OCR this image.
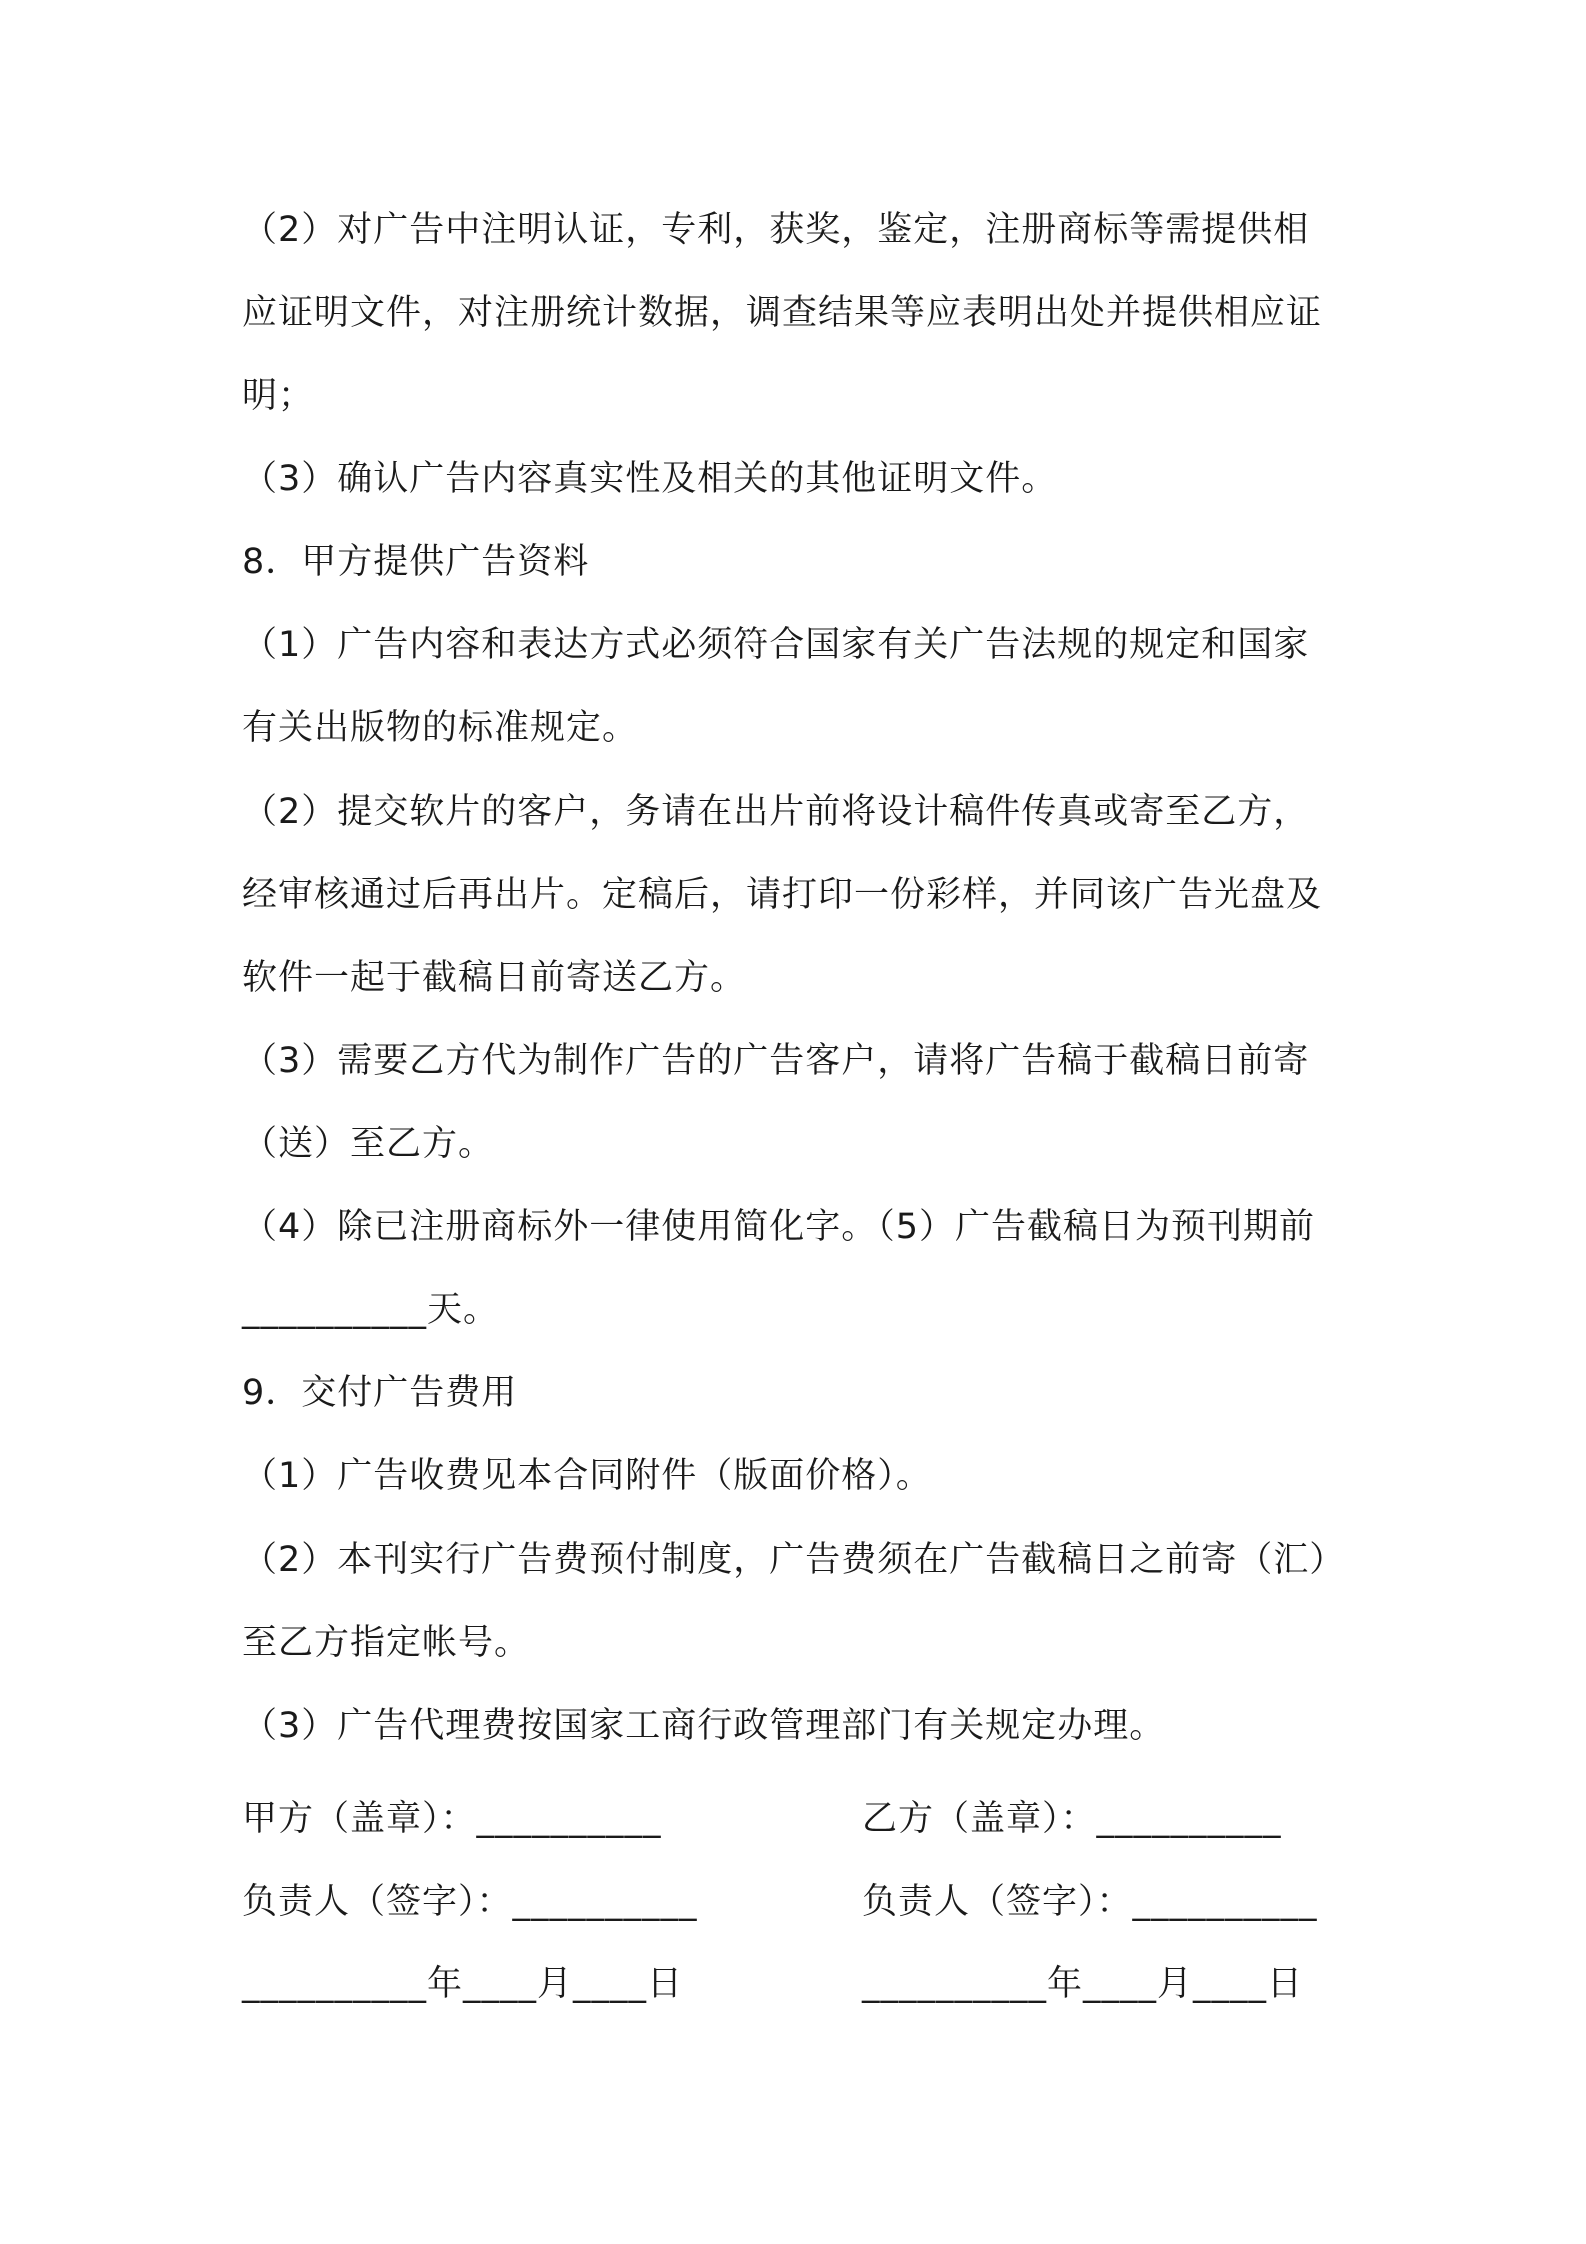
（2）对广告中注明认证，专利，获奖，鉴定，注册商标等需提供相
应证明文件，对注册统计数据，调查结果等应表明出处并提供相应证
明；
（3）确认广告内容真实性及相关的其他证明文件。
8．甲方提供广告资料
（1）广告内容和表达方式必须符合国家有关广告法规的规定和国家
有关出版物的标准规定。
（2）提交软片的客户，务请在出片前将设计稿件传真或寄至乙方，
经审核通过后再出片。定稿后，请打印一份彩样，并同该广告光盘及
软件一起于截稿日前寄送乙方。
（3）需要乙方代为制作广告的广告客户，请将广告稿于截稿日前寄
（送）至乙方。
（4）除已注册商标外一律使用简化字。（5）广告截稿日为预刊期前
__________天。
9．交付广告费用
（1）广告收费见本合同附件（版面价格）。
（2）本刊实行广告费预付制度，广告费须在广告截稿日之前寄（汇）
至乙方指定帐号。
（3）广告代理费按国家工商行政管理部门有关规定办理。
甲方（盖章）：__________	乙方（盖章）：__________
负责人（签字）：__________	负责人（签字）：__________
__________年____月____日	__________年____月____日
